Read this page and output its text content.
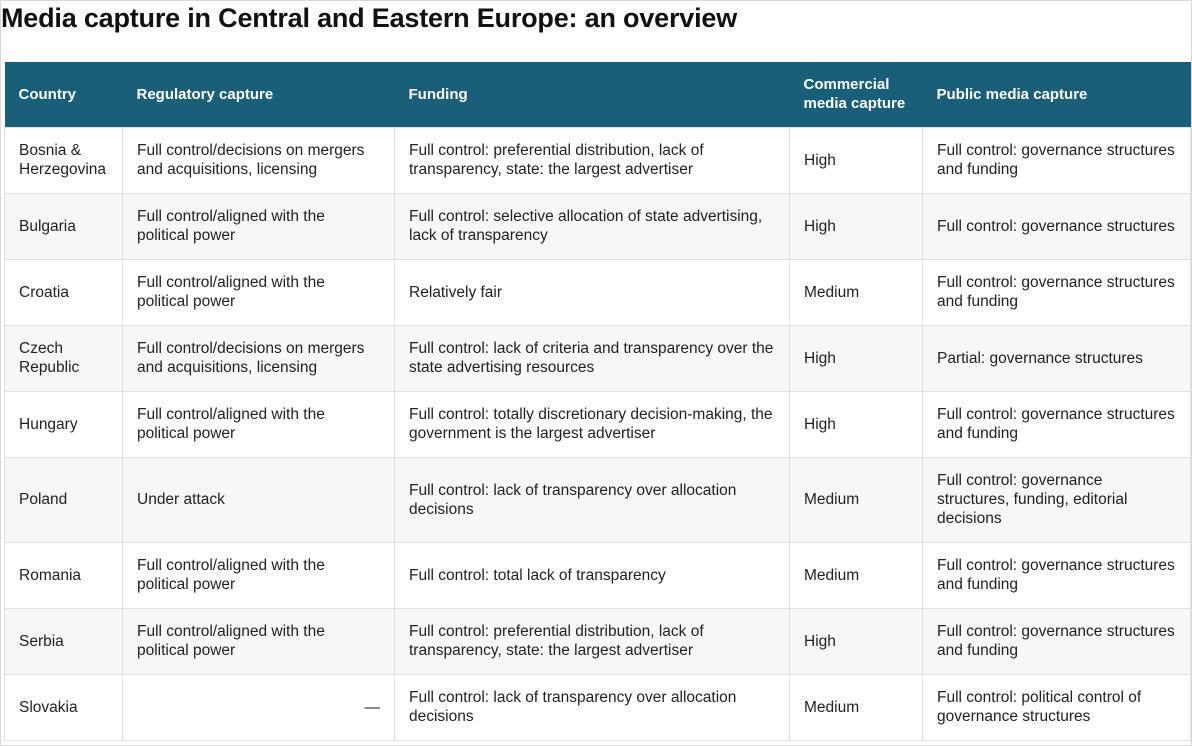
Media capture in Central and Eastern Europe: an overview
Country	Regulatory capture	Funding	Commercial media capture	Public media capture
Bosnia & Herzegovina	Full control/decisions on mergers and acquisitions, licensing	Full control: preferential distribution, lack of transparency, state: the largest advertiser	High	Full control: governance structures and funding
Bulgaria	Full control/aligned with the political power	Full control: selective allocation of state advertising, lack of transparency	High	Full control: governance structures
Croatia	Full control/aligned with the political power	Relatively fair	Medium	Full control: governance structures and funding
Czech Republic	Full control/decisions on mergers and acquisitions, licensing	Full control: lack of criteria and transparency over the state advertising resources	High	Partial: governance structures
Hungary	Full control/aligned with the political power	Full control: totally discretionary decision-making, the government is the largest advertiser	High	Full control: governance structures and funding
Poland	Under attack	Full control: lack of transparency over allocation decisions	Medium	Full control: governance structures, funding, editorial decisions
Romania	Full control/aligned with the political power	Full control: total lack of transparency	Medium	Full control: governance structures and funding
Serbia	Full control/aligned with the political power	Full control: preferential distribution, lack of transparency, state: the largest advertiser	High	Full control: governance structures and funding
Slovakia	—	Full control: lack of transparency over allocation decisions	Medium	Full control: political control of governance structures
